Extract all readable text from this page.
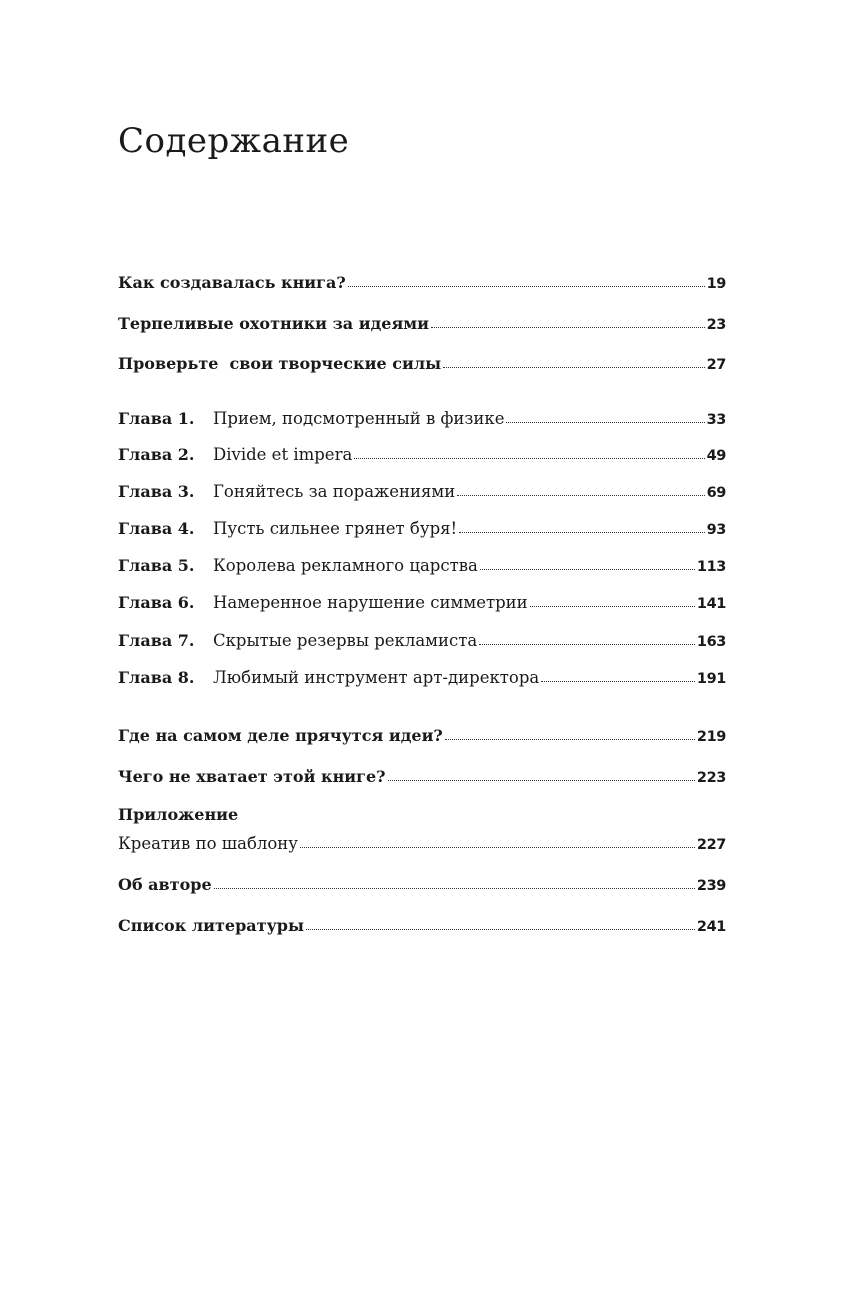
Содержание
Как создавалась книга?	19
Терпеливые охотники за идеями	23
Проверьте  свои творческие силы	27
Глава 1.	Прием, подсмотренный в физике	33
Глава 2.	Divide et impera	49
Глава 3.	Гоняйтесь за поражениями	69
Глава 4.	Пусть сильнее грянет буря!	93
Глава 5.	Королева рекламного царства	113
Глава 6.	Намеренное нарушение симметрии	141
Глава 7.	Скрытые резервы рекламиста	163
Глава 8.	Любимый инструмент арт-директора	191
Где на самом деле прячутся идеи?	219
Чего не хватает этой книге?	223
Приложение
Креатив по шаблону	227
Об авторе	239
Список литературы	241
